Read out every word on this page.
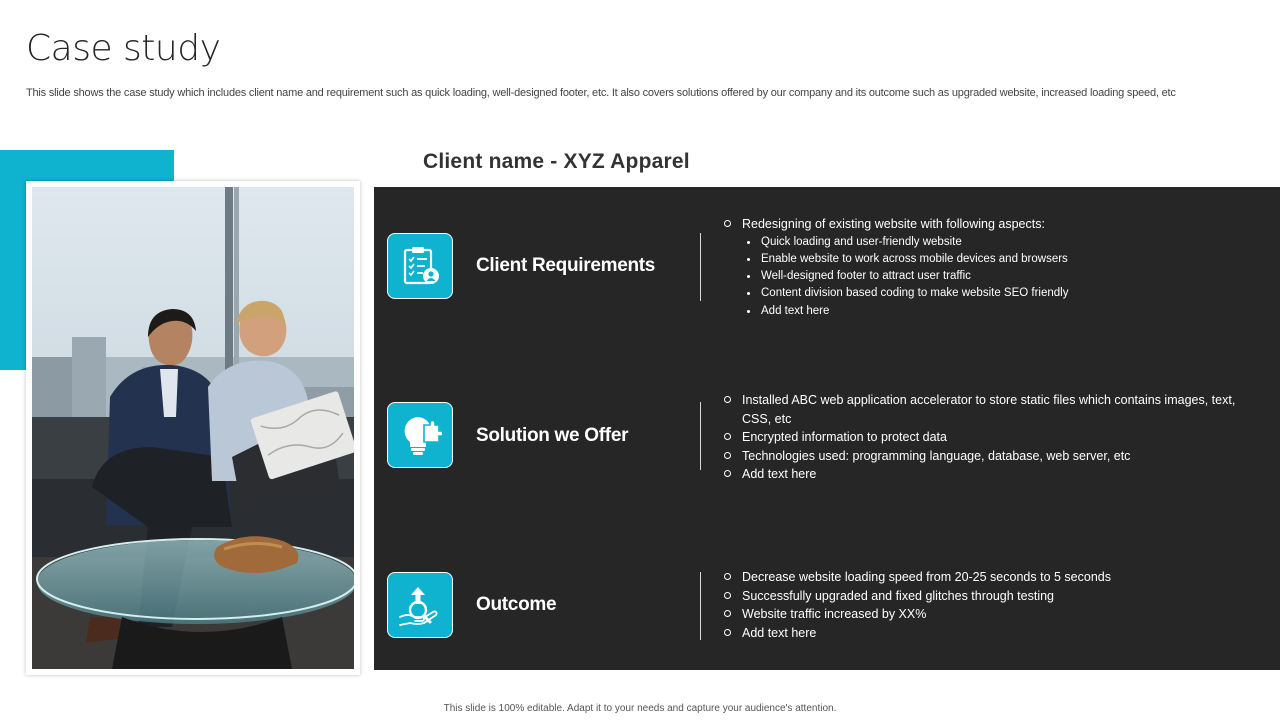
Case study

This slide shows the case study which includes client name and requirement such as quick loading, well-designed footer, etc. It also covers solutions offered by our company and its outcome such as upgraded website, increased loading speed, etc

Client name - XYZ Apparel
Client Requirements
Redesigning of existing website with following aspects:
Quick loading and user-friendly website
Enable website to work across mobile devices and browsers
Well-designed footer to attract user traffic
Content division based coding to make website SEO friendly
Add text here
Solution we Offer
Installed ABC web application accelerator to store static files which contains images, text, CSS, etc
Encrypted information to protect data
Technologies used: programming language, database, web server, etc
Add text here
Outcome
Decrease website loading speed from 20-25 seconds to 5 seconds
Successfully upgraded and fixed glitches through testing
Website traffic increased by XX%
Add text here
This slide is 100% editable. Adapt it to your needs and capture your audience's attention.
